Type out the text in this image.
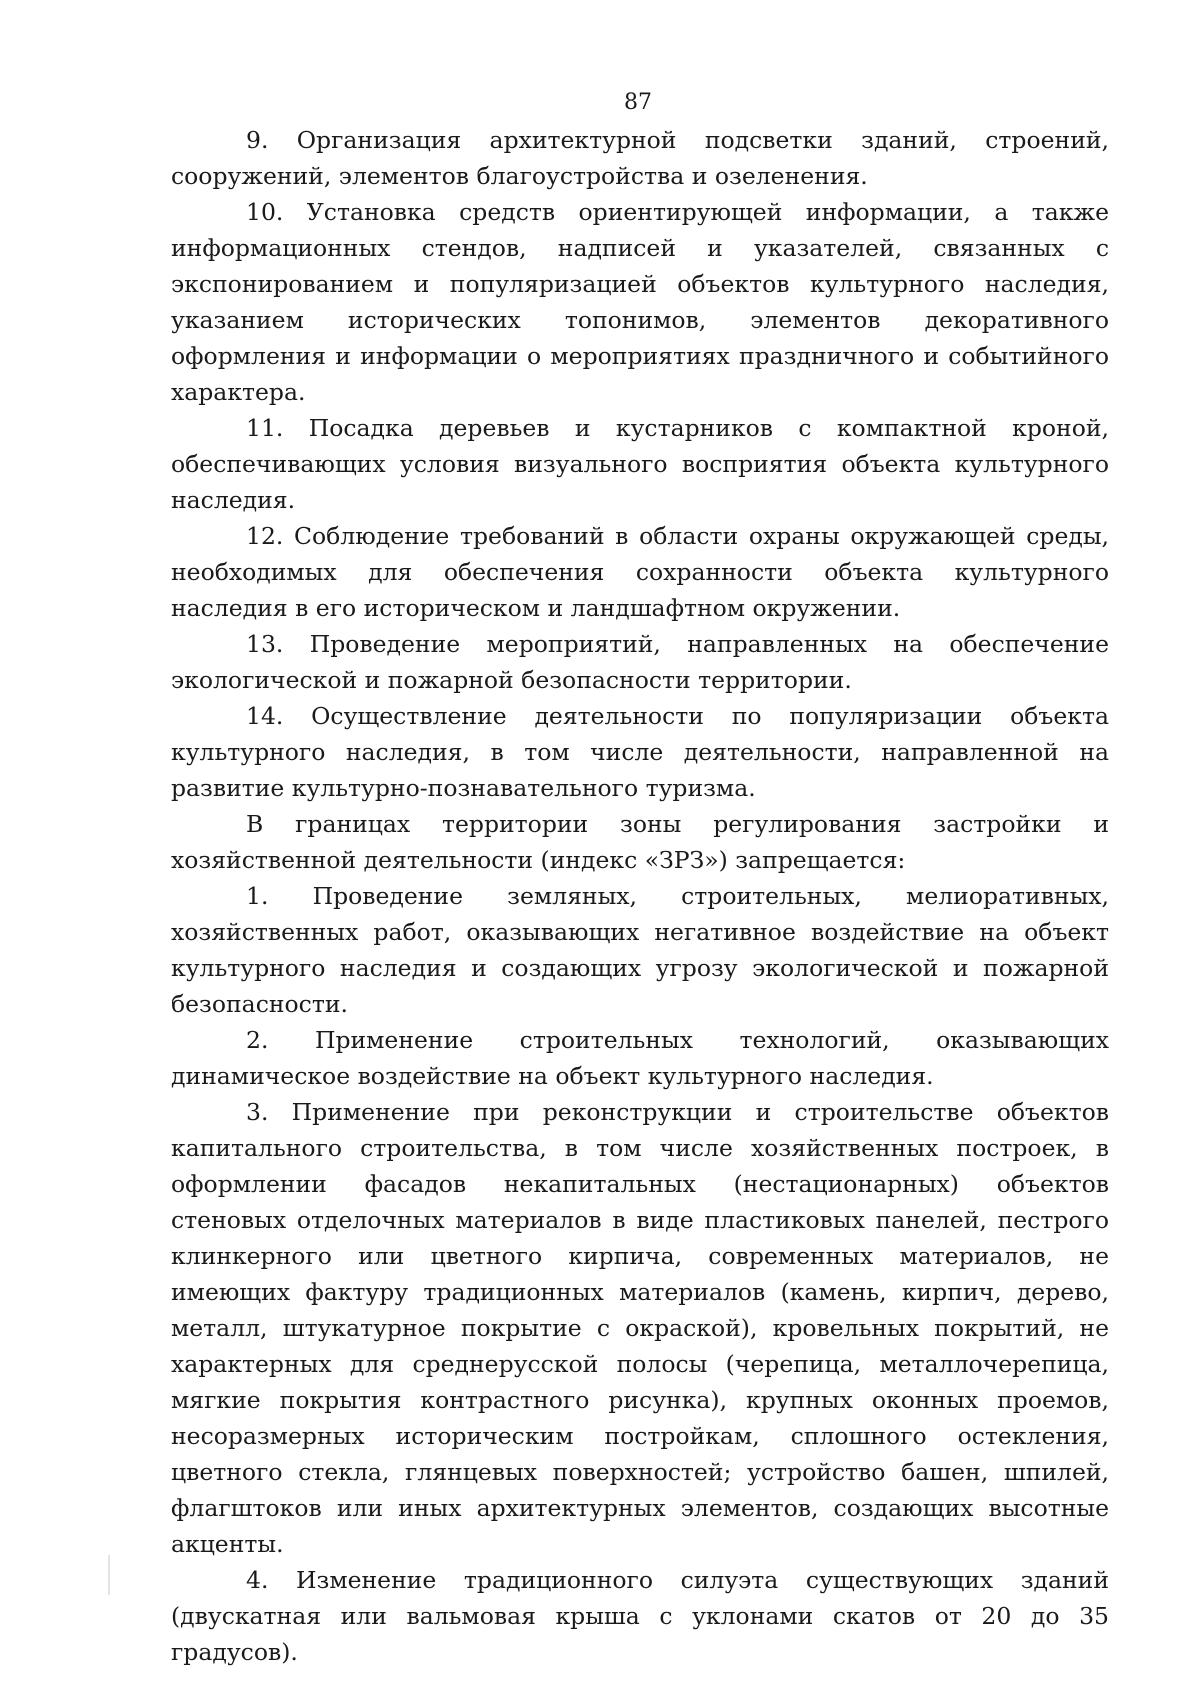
87

9. Организация архитектурной подсветки зданий, строений, сооружений, элементов благоустройства и озеленения.

10. Установка средств ориентирующей информации, а также информационных стендов, надписей и указателей, связанных с экспонированием и популяризацией объектов культурного наследия, указанием исторических топонимов, элементов декоративного оформления и информации о мероприятиях праздничного и событийного характера.

11. Посадка деревьев и кустарников с компактной кроной, обеспечивающих условия визуального восприятия объекта культурного наследия.

12. Соблюдение требований в области охраны окружающей среды, необходимых для обеспечения сохранности объекта культурного наследия в его историческом и ландшафтном окружении.

13. Проведение мероприятий, направленных на обеспечение экологической и пожарной безопасности территории.

14. Осуществление деятельности по популяризации объекта культурного наследия, в том числе деятельности, направленной на развитие культурно-познавательного туризма.

В границах территории зоны регулирования застройки и хозяйственной деятельности (индекс «ЗРЗ») запрещается:

1. Проведение земляных, строительных, мелиоративных, хозяйственных работ, оказывающих негативное воздействие на объект культурного наследия и создающих угрозу экологической и пожарной безопасности.

2. Применение строительных технологий, оказывающих динамическое воздействие на объект культурного наследия.

3. Применение при реконструкции и строительстве объектов капитального строительства, в том числе хозяйственных построек, в оформлении фасадов некапитальных (нестационарных) объектов стеновых отделочных материалов в виде пластиковых панелей, пестрого клинкерного или цветного кирпича, современных материалов, не имеющих фактуру традиционных материалов (камень, кирпич, дерево, металл, штукатурное покрытие с окраской), кровельных покрытий, не характерных для среднерусской полосы (черепица, металлочерепица, мягкие покрытия контрастного рисунка), крупных оконных проемов, несоразмерных историческим постройкам, сплошного остекления, цветного стекла, глянцевых поверхностей; устройство башен, шпилей, флагштоков или иных архитектурных элементов, создающих высотные акценты.

4. Изменение традиционного силуэта существующих зданий (двускатная или вальмовая крыша с уклонами скатов от 20 до 35 градусов).
